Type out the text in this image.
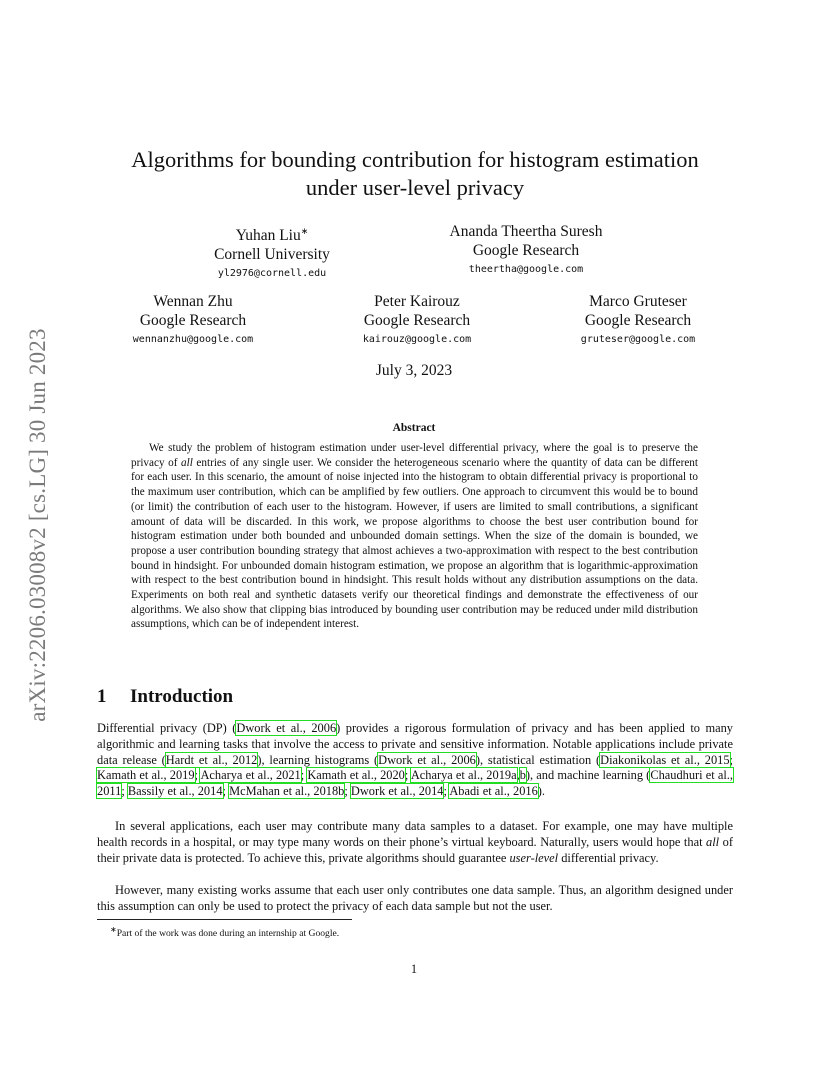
arXiv:2206.03008v2 [cs.LG] 30 Jun 2023
Algorithms for bounding contribution for histogram estimation
under user-level privacy
Yuhan Liu∗
Cornell University
yl2976@cornell.edu
Ananda Theertha Suresh
Google Research
theertha@google.com
Wennan Zhu
Google Research
wennanzhu@google.com
Peter Kairouz
Google Research
kairouz@google.com
Marco Gruteser
Google Research
gruteser@google.com
July 3, 2023
Abstract

We study the problem of histogram estimation under user-level differential privacy, where the goal is to preserve the privacy of all entries of any single user. We consider the heterogeneous scenario where the quantity of data can be different for each user. In this scenario, the amount of noise injected into the histogram to obtain differential privacy is proportional to the maximum user contribution, which can be amplified by few outliers. One approach to circumvent this would be to bound (or limit) the contribution of each user to the histogram. However, if users are limited to small contributions, a significant amount of data will be discarded. In this work, we propose algorithms to choose the best user contribution bound for histogram estimation under both bounded and unbounded domain settings. When the size of the domain is bounded, we propose a user contribution bounding strategy that almost achieves a two-approximation with respect to the best contribution bound in hindsight. For unbounded domain histogram estimation, we propose an algorithm that is logarithmic-approximation with respect to the best contribution bound in hindsight. This result holds without any distribution assumptions on the data. Experiments on both real and synthetic datasets verify our theoretical findings and demonstrate the effectiveness of our algorithms. We also show that clipping bias introduced by bounding user contribution may be reduced under mild distribution assumptions, which can be of independent interest.

1 Introduction

Differential privacy (DP) (Dwork et al., 2006) provides a rigorous formulation of privacy and has been applied to many algorithmic and learning tasks that involve the access to private and sensitive information. Notable applications include private data release (Hardt et al., 2012), learning histograms (Dwork et al., 2006), statistical estimation (Diakonikolas et al., 2015; Kamath et al., 2019; Acharya et al., 2021; Kamath et al., 2020; Acharya et al., 2019a,b), and machine learning (Chaudhuri et al., 2011; Bassily et al., 2014; McMahan et al., 2018b; Dwork et al., 2014; Abadi et al., 2016).

In several applications, each user may contribute many data samples to a dataset. For example, one may have multiple health records in a hospital, or may type many words on their phone’s virtual keyboard. Naturally, users would hope that all of their private data is protected. To achieve this, private algorithms should guarantee user-level differential privacy.

However, many existing works assume that each user only contributes one data sample. Thus, an algorithm designed under this assumption can only be used to protect the privacy of each data sample but not the user.

∗Part of the work was done during an internship at Google.
1
